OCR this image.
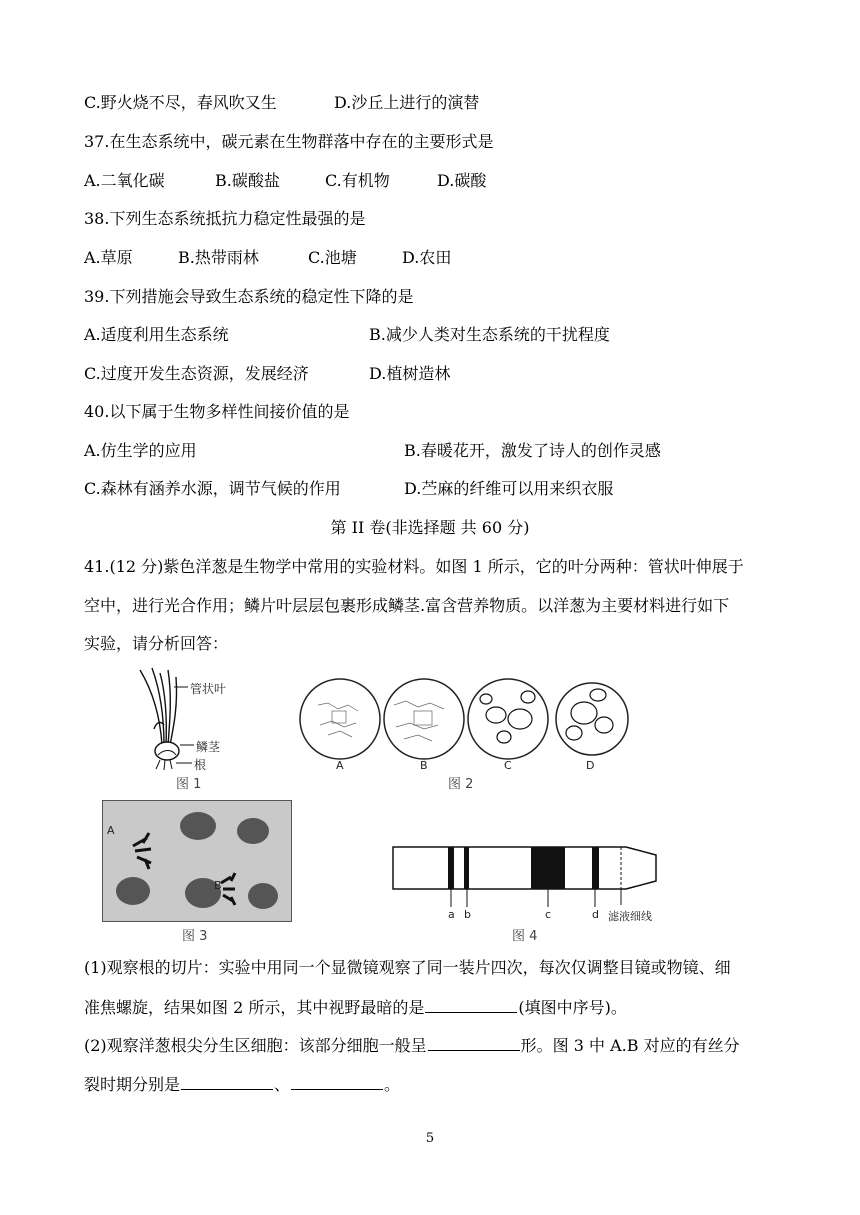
C.野火烧不尽，春风吹又生	D.沙丘上进行的演替
37.在生态系统中，碳元素在生物群落中存在的主要形式是
A.二氧化碳	B.碳酸盐	C.有机物	D.碳酸
38.下列生态系统抵抗力稳定性最强的是
A.草原	B.热带雨林	C.池塘	D.农田
39.下列措施会导致生态系统的稳定性下降的是
A.适度利用生态系统	B.减少人类对生态系统的干扰程度
C.过度开发生态资源，发展经济	D.植树造林
40.以下属于生物多样性间接价值的是
A.仿生学的应用	B.春暖花开，激发了诗人的创作灵感
C.森林有涵养水源，调节气候的作用	D.苎麻的纤维可以用来织衣服
第 II 卷(非选择题 共 60 分)
41.(12 分)紫色洋葱是生物学中常用的实验材料。如图 1 所示，它的叶分两种：管状叶伸展于
空中，进行光合作用；鳞片叶层层包裹形成鳞茎.富含营养物质。以洋葱为主要材料进行如下
实验，请分析回答：
管状叶
鳞茎
根
图 1
A	B	C	D
图 2
A
B
图 3
a b	c	d 滤液细线
图 4
(1)观察根的切片：实验中用同一个显微镜观察了同一装片四次，每次仅调整目镜或物镜、细
准焦螺旋，结果如图 2 所示，其中视野最暗的是	(填图中序号)。
(2)观察洋葱根尖分生区细胞：该部分细胞一般呈	形。图 3 中 A.B 对应的有丝分
裂时期分别是	、	。
5
